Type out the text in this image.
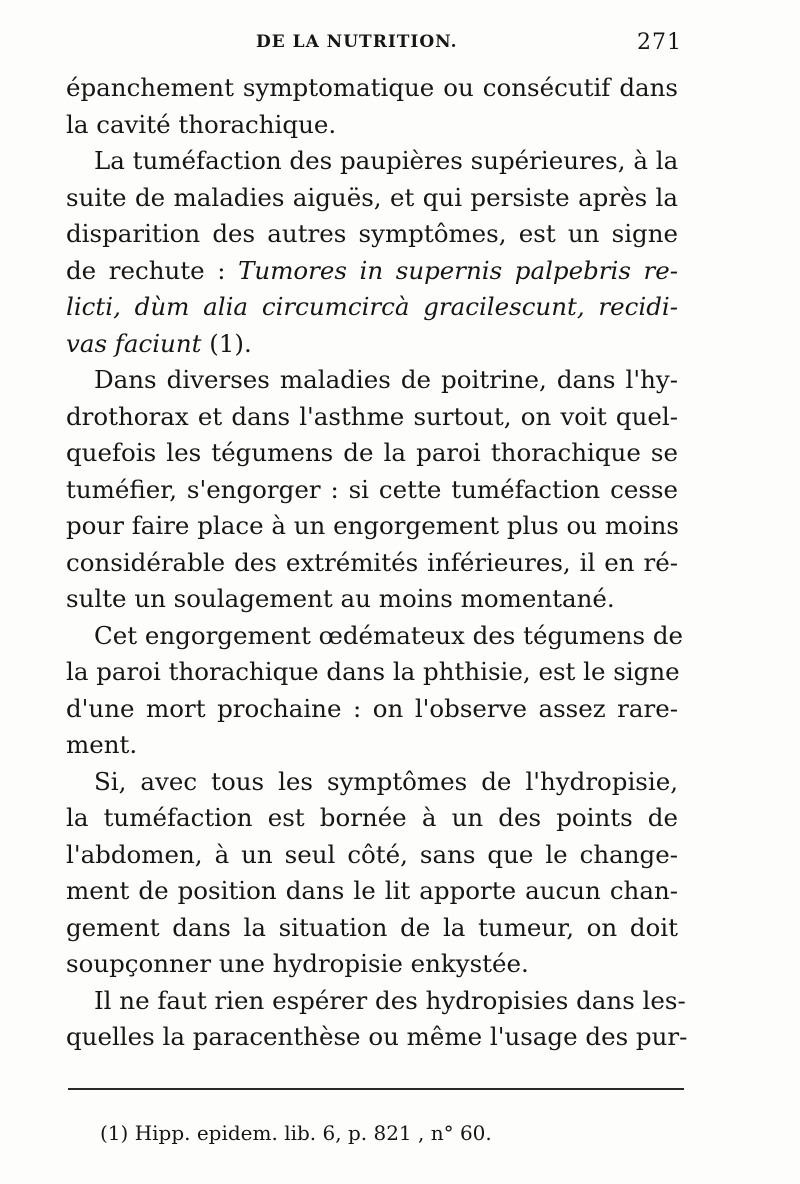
DE LA NUTRITION.	271
épanchement symptomatique ou consécutif dans
la cavité thorachique.
La tuméfaction des paupières supérieures, à la
suite de maladies aiguës, et qui persiste après la
disparition des autres symptômes, est un signe
de rechute : Tumores in supernis palpebris re-
licti, dùm alia circumcircà gracilescunt, recidi-
vas faciunt (1).
Dans diverses maladies de poitrine, dans l'hy-
drothorax et dans l'asthme surtout, on voit quel-
quefois les tégumens de la paroi thorachique se
tuméfier, s'engorger : si cette tuméfaction cesse
pour faire place à un engorgement plus ou moins
considérable des extrémités inférieures, il en ré-
sulte un soulagement au moins momentané.
Cet engorgement œdémateux des tégumens de
la paroi thorachique dans la phthisie, est le signe
d'une mort prochaine : on l'observe assez rare-
ment.
Si, avec tous les symptômes de l'hydropisie,
la tuméfaction est bornée à un des points de
l'abdomen, à un seul côté, sans que le change-
ment de position dans le lit apporte aucun chan-
gement dans la situation de la tumeur, on doit
soupçonner une hydropisie enkystée.
Il ne faut rien espérer des hydropisies dans les-
quelles la paracenthèse ou même l'usage des pur-
(1) Hipp. epidem. lib. 6, p. 821 , n° 60.
